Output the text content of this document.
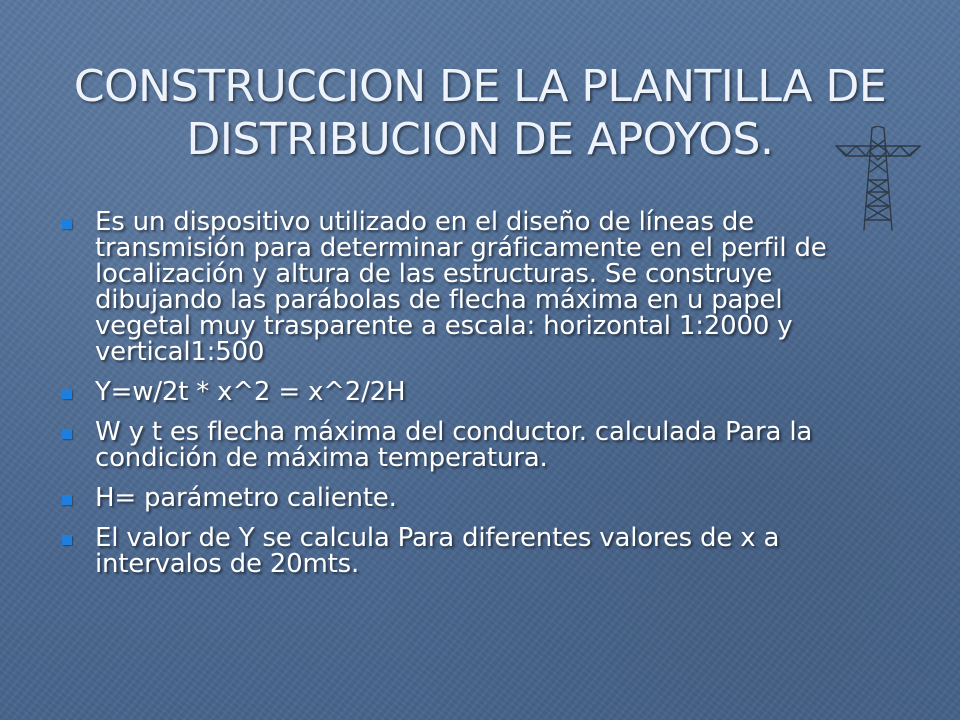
CONSTRUCCION DE LA PLANTILLA DE
DISTRIBUCION DE APOYOS.
Es un dispositivo utilizado en el diseño de líneas de
transmisión para determinar gráficamente en el perfil de
localización y altura de las estructuras. Se construye
dibujando las parábolas de flecha máxima en u papel
vegetal muy trasparente a escala: horizontal 1:2000 y
vertical1:500
Y=w/2t * x^2 = x^2/2H
W y t es flecha máxima del conductor. calculada Para la
condición de máxima temperatura.
H= parámetro caliente.
El valor de Y se calcula Para diferentes valores de x a
intervalos de 20mts.
